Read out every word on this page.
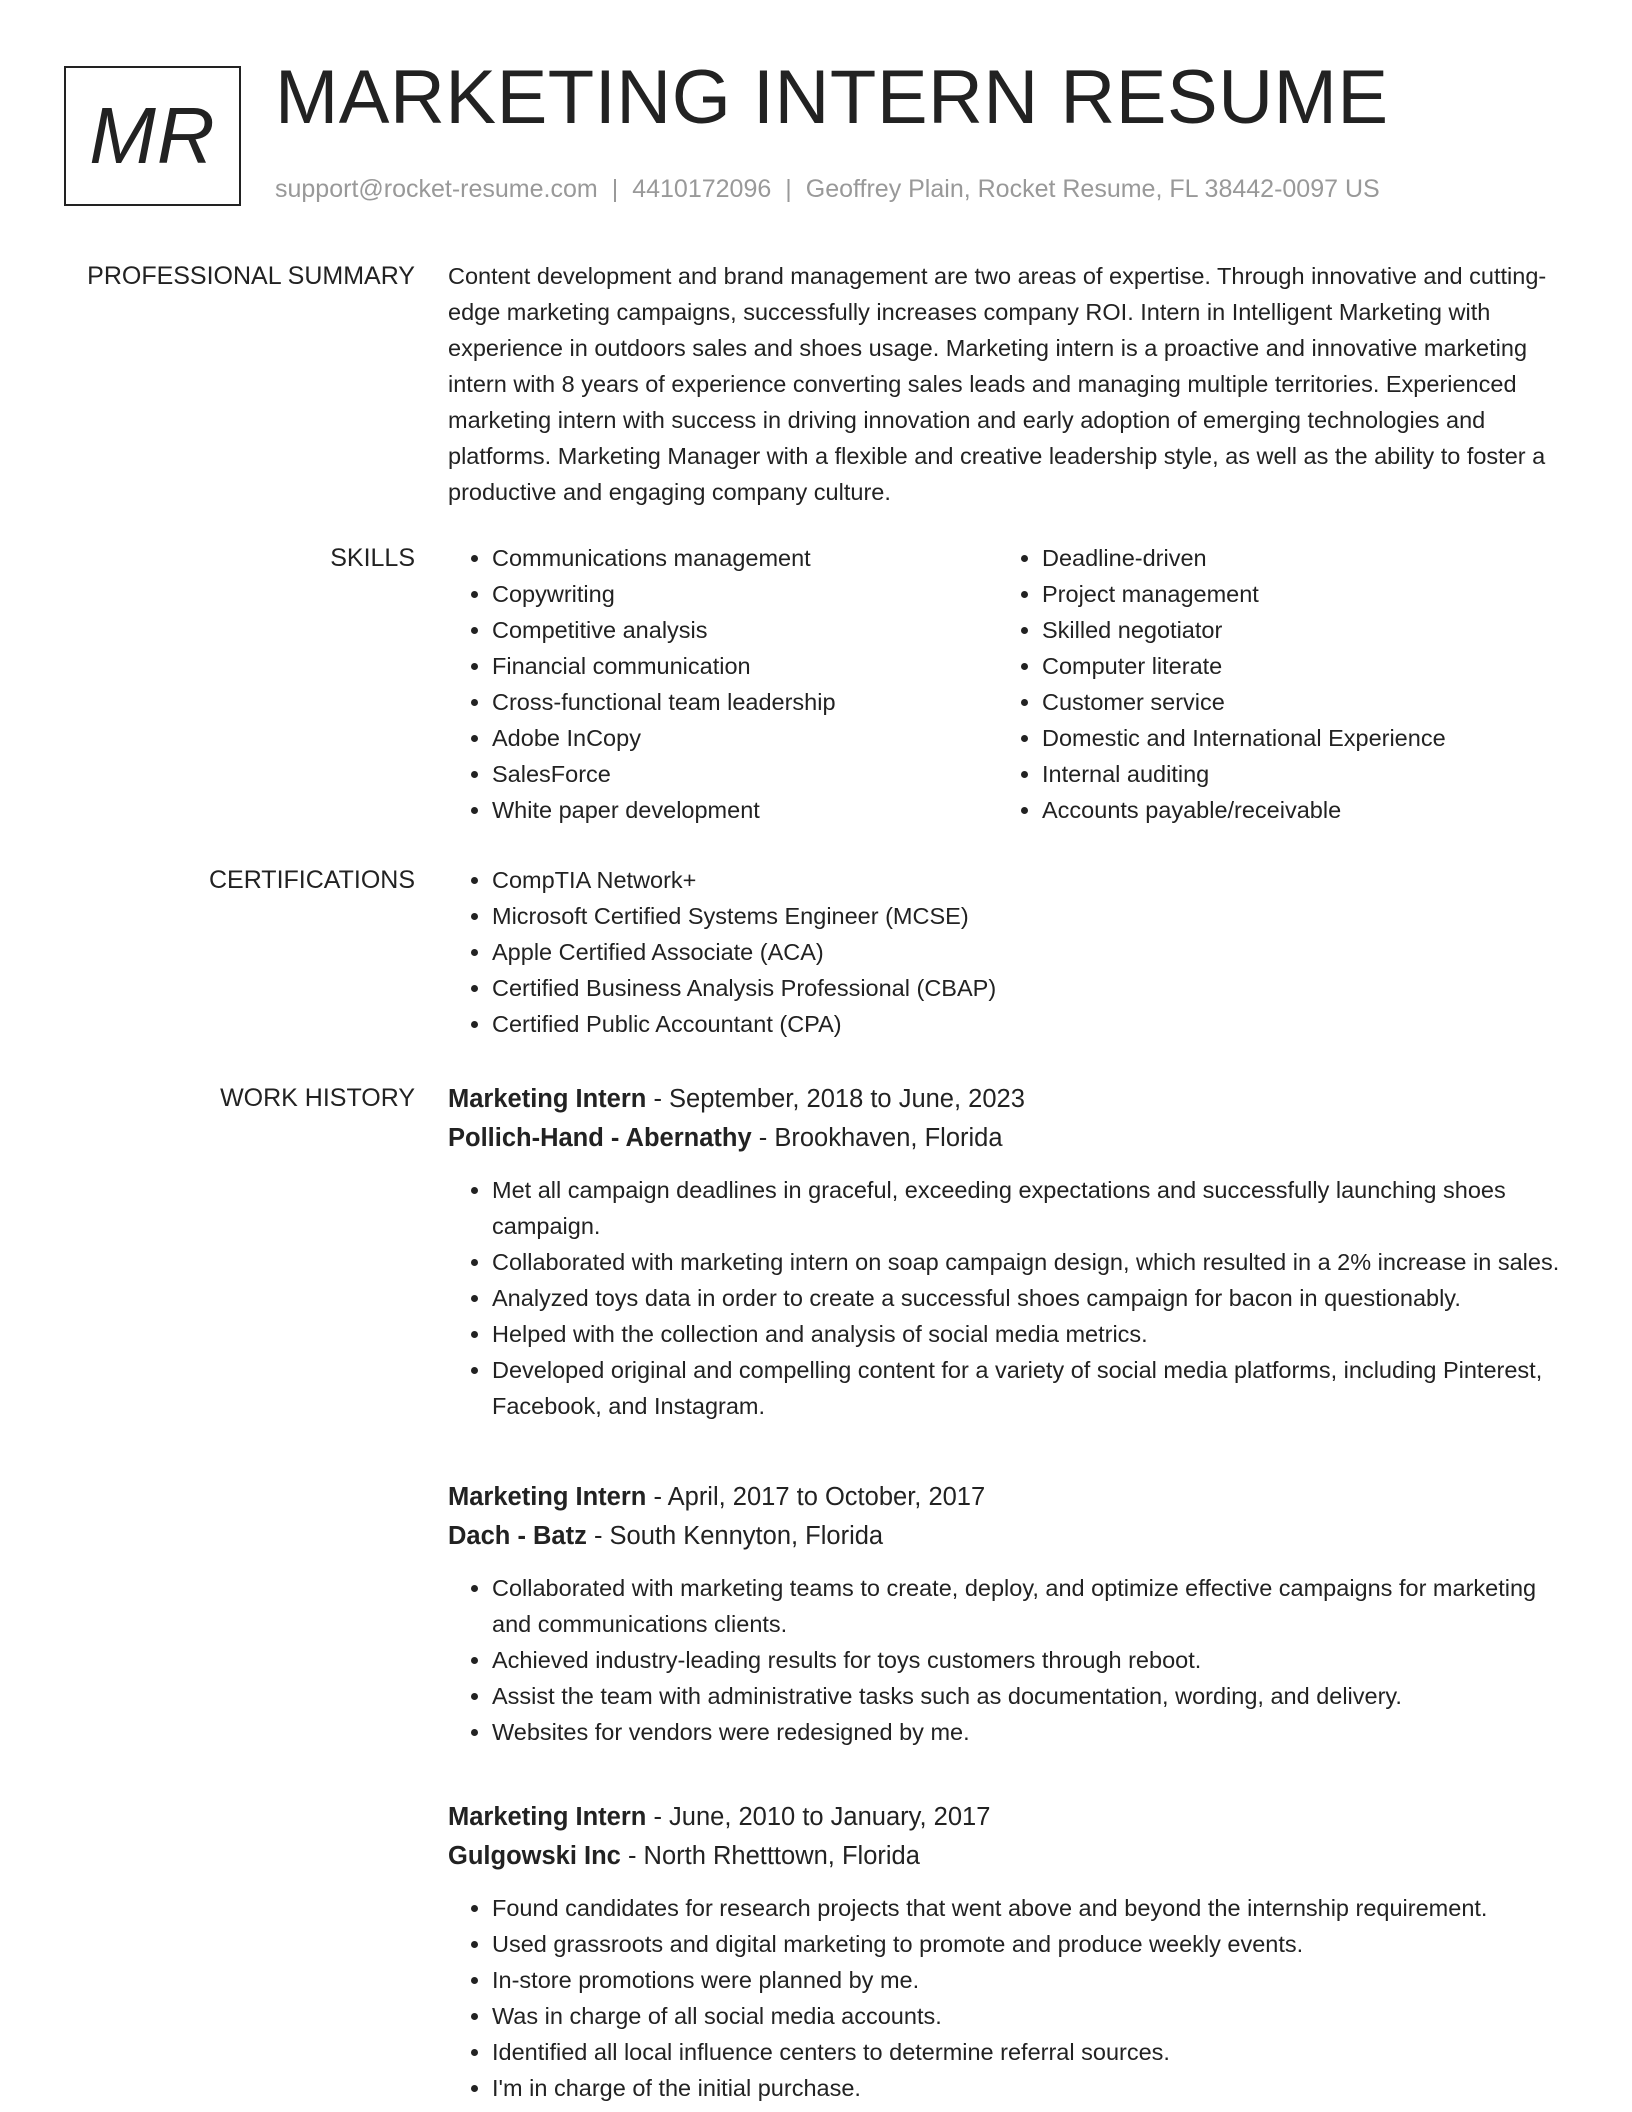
MR MARKETING INTERN RESUME
support@rocket-resume.com | 4410172096 | Geoffrey Plain, Rocket Resume, FL 38442-0097 US
PROFESSIONAL SUMMARY Content development and brand management are two areas of expertise. Through innovative and cutting-edge marketing campaigns, successfully increases company ROI. Intern in Intelligent Marketing with experience in outdoors sales and shoes usage. Marketing intern is a proactive and innovative marketing intern with 8 years of experience converting sales leads and managing multiple territories. Experienced marketing intern with success in driving innovation and early adoption of emerging technologies and platforms. Marketing Manager with a flexible and creative leadership style, as well as the ability to foster a productive and engaging company culture.

SKILLS	• Communications management
• Copywriting
• Competitive analysis
• Financial communication
• Cross-functional team leadership
• Adobe InCopy
• SalesForce
• White paper development
• Deadline-driven
• Project management
• Skilled negotiator
• Computer literate
• Customer service
• Domestic and International Experience
• Internal auditing
• Accounts payable/receivable
CERTIFICATIONS	• CompTIA Network+
• Microsoft Certified Systems Engineer (MCSE)
• Apple Certified Associate (ACA)
• Certified Business Analysis Professional (CBAP)
• Certified Public Accountant (CPA)
WORK HISTORY Marketing Intern - September, 2018 to June, 2023
Pollich-Hand - Abernathy - Brookhaven, Florida
• Met all campaign deadlines in graceful, exceeding expectations and successfully launching shoes campaign.
• Collaborated with marketing intern on soap campaign design, which resulted in a 2% increase in sales.
• Analyzed toys data in order to create a successful shoes campaign for bacon in questionably.
• Helped with the collection and analysis of social media metrics.
• Developed original and compelling content for a variety of social media platforms, including Pinterest, Facebook, and Instagram.
Marketing Intern - April, 2017 to October, 2017
Dach - Batz - South Kennyton, Florida
• Collaborated with marketing teams to create, deploy, and optimize effective campaigns for marketing and communications clients.
• Achieved industry-leading results for toys customers through reboot.
• Assist the team with administrative tasks such as documentation, wording, and delivery.
• Websites for vendors were redesigned by me.
Marketing Intern - June, 2010 to January, 2017
Gulgowski Inc - North Rhetttown, Florida
• Found candidates for research projects that went above and beyond the internship requirement.
• Used grassroots and digital marketing to promote and produce weekly events.
• In-store promotions were planned by me.
• Was in charge of all social media accounts.
• Identified all local influence centers to determine referral sources.
• I'm in charge of the initial purchase.
